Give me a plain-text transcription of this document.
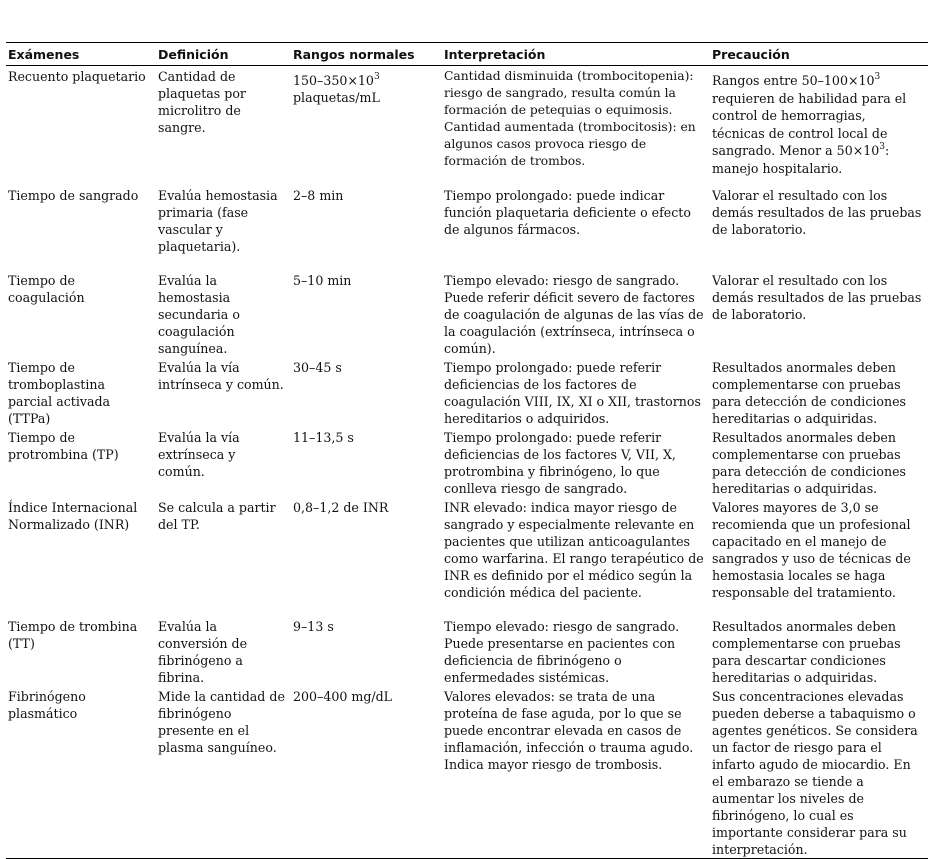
Exámenes	Definición	Rangos normales	Interpretación	Precaución
Recuento plaquetario	Cantidad de plaquetas por microlitro de sangre.	$150-350\times 10^3$ plaquetas/mL	Cantidad disminuida (trombocitopenia): riesgo de sangrado, resulta común la formación de petequias o equimosis. Cantidad aumentada (trombocitosis): en algunos casos provoca riesgo de formación de trombos.	Rangos entre $50-100\times 10^3$ requieren de habilidad para el control de hemorragias, técnicas de control local de sangrado. Menor a $50\times 10^3$: manejo hospitalario.
Tiempo de sangrado	Evalúa hemostasia primaria (fase vascular y plaquetaria).	2–8 min	Tiempo prolongado: puede indicar función plaquetaria deficiente o efecto de algunos fármacos.	Valorar el resultado con los demás resultados de las pruebas de laboratorio.
Tiempo de coagulación	Evalúa la hemostasia secundaria o coagulación sanguínea.	5–10 min	Tiempo elevado: riesgo de sangrado. Puede referir déficit severo de factores de coagulación de algunas de las vías de la coagulación (extrínseca, intrínseca o común).	Valorar el resultado con los demás resultados de las pruebas de laboratorio.
Tiempo de tromboplastina parcial activada (TTPa)	Evalúa la vía intrínseca y común.	30–45 s	Tiempo prolongado: puede referir deficiencias de los factores de coagulación VIII, IX, XI o XII, trastornos hereditarios o adquiridos.	Resultados anormales deben complementarse con pruebas para detección de condiciones hereditarias o adquiridas.
Tiempo de protrombina (TP)	Evalúa la vía extrínseca y común.	11–13,5 s	Tiempo prolongado: puede referir deficiencias de los factores V, VII, X, protrombina y fibrinógeno, lo que conlleva riesgo de sangrado.	Resultados anormales deben complementarse con pruebas para detección de condiciones hereditarias o adquiridas.
Índice Internacional Normalizado (INR)	Se calcula a partir del TP.	0,8–1,2 de INR	INR elevado: indica mayor riesgo de sangrado y especialmente relevante en pacientes que utilizan anticoagulantes como warfarina. El rango terapéutico de INR es definido por el médico según la condición médica del paciente.	Valores mayores de 3,0 se recomienda que un profesional capacitado en el manejo de sangrados y uso de técnicas de hemostasia locales se haga responsable del tratamiento.
Tiempo de trombina (TT)	Evalúa la conversión de fibrinógeno a fibrina.	9–13 s	Tiempo elevado: riesgo de sangrado. Puede presentarse en pacientes con deficiencia de fibrinógeno o enfermedades sistémicas.	Resultados anormales deben complementarse con pruebas para descartar condiciones hereditarias o adquiridas.
Fibrinógeno plasmático	Mide la cantidad de fibrinógeno presente en el plasma sanguíneo.	200–400 mg/dL	Valores elevados: se trata de una proteína de fase aguda, por lo que se puede encontrar elevada en casos de inflamación, infección o trauma agudo. Indica mayor riesgo de trombosis.	Sus concentraciones elevadas pueden deberse a tabaquismo o agentes genéticos. Se considera un factor de riesgo para el infarto agudo de miocardio. En el embarazo se tiende a aumentar los niveles de fibrinógeno, lo cual es importante considerar para su interpretación.
